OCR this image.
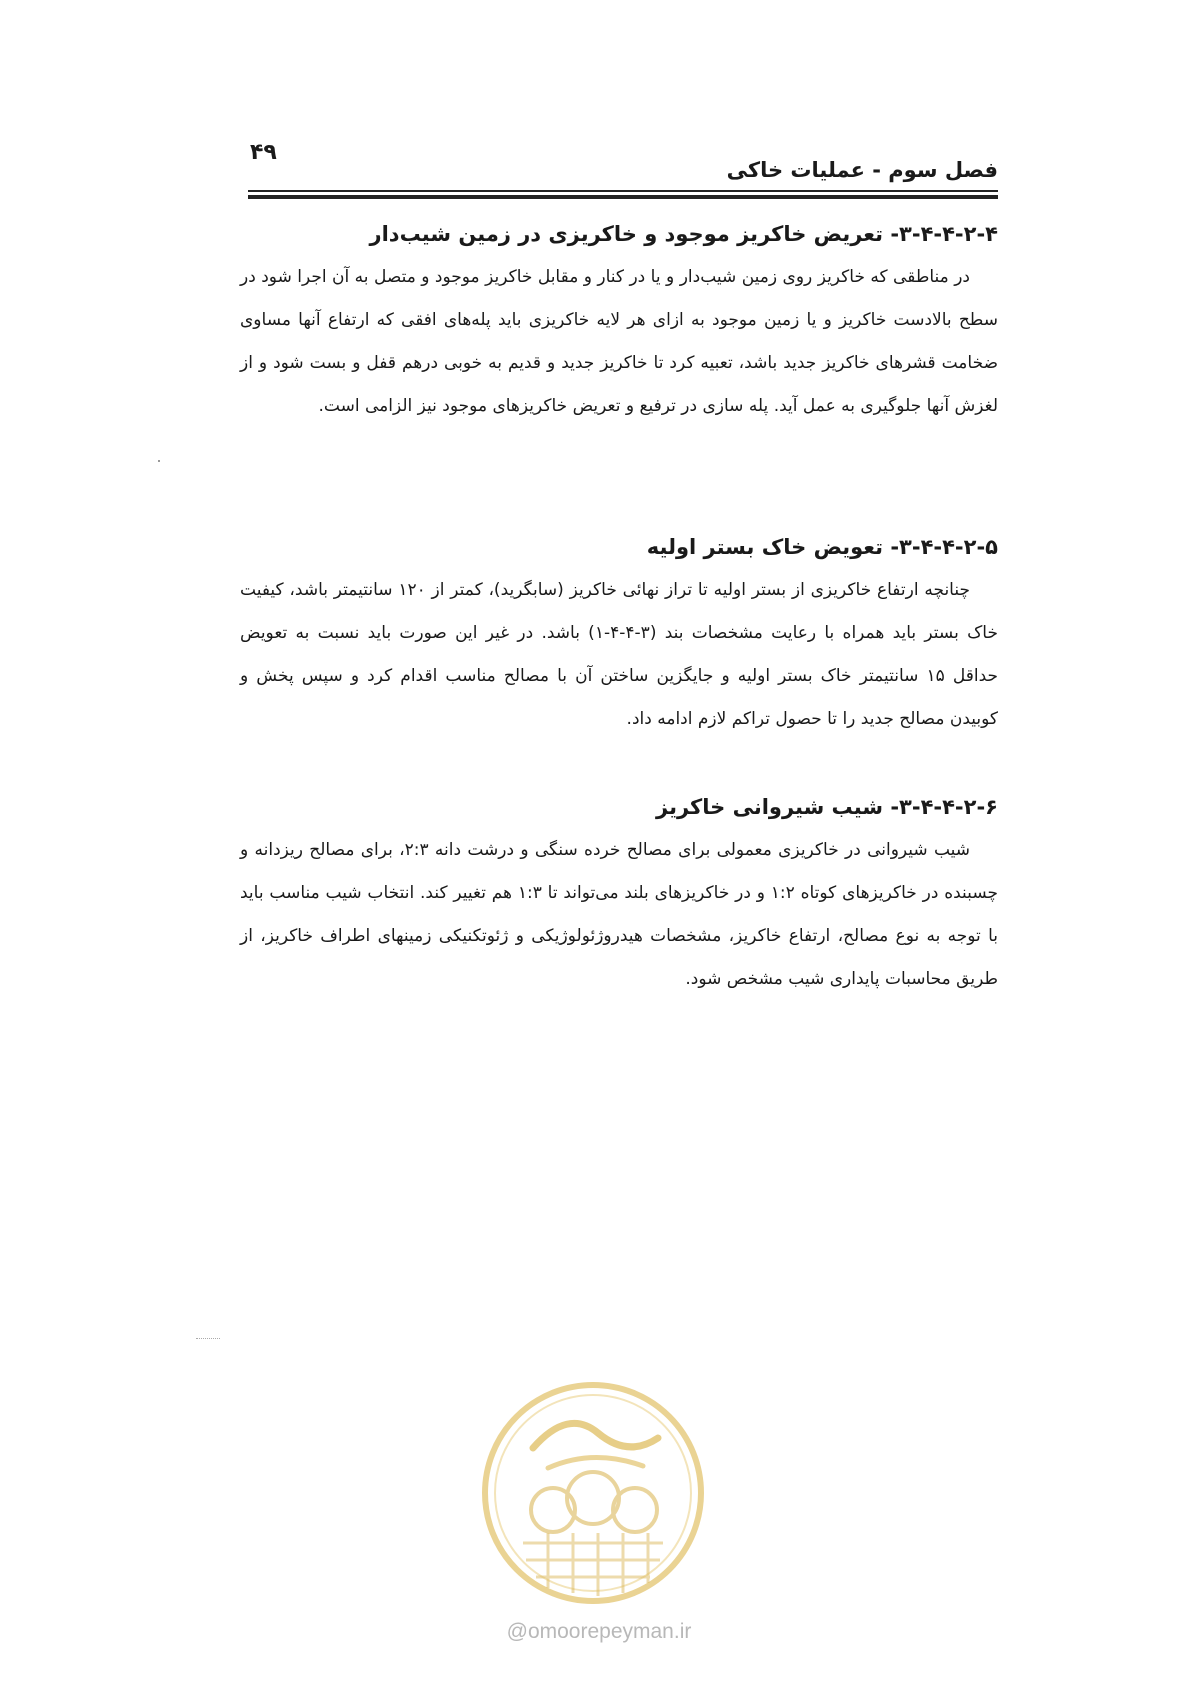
۴۹
فصل سوم - عملیات خاکی
۳-۴-۴-۲-۴- تعریض خاکریز موجود و خاکریزی در زمین شیب‌دار

در مناطقی که خاکریز روی زمین شیب‌دار و یا در کنار و مقابل خاکریز موجود و متصل به آن اجرا شود در سطح بالادست خاکریز و یا زمین موجود به ازای هر لایه خاکریزی باید پله‌های افقی که ارتفاع آنها مساوی ضخامت قشرهای خاکریز جدید باشد، تعبیه کرد تا خاکریز جدید و قدیم به خوبی درهم قفل و بست شود و از لغزش آنها جلوگیری به عمل آید. پله سازی در ترفیع و تعریض خاکریزهای موجود نیز الزامی است.

۳-۴-۴-۲-۵- تعویض خاک بستر اولیه

چنانچه ارتفاع خاکریزی از بستر اولیه تا تراز نهائی خاکریز (سابگرید)، کمتر از ۱۲۰ سانتیمتر باشد، کیفیت خاک بستر باید همراه با رعایت مشخصات بند (۳-۴-۴-۱) باشد. در غیر این صورت باید نسبت به تعویض حداقل ۱۵ سانتیمتر خاک بستر اولیه و جایگزین ساختن آن با مصالح مناسب اقدام کرد و سپس پخش و کوبیدن مصالح جدید را تا حصول تراکم لازم ادامه داد.

۳-۴-۴-۲-۶- شیب شیروانی خاکریز

شیب شیروانی در خاکریزی معمولی برای مصالح خرده سنگی و درشت دانه ۲:۳، برای مصالح ریزدانه و چسبنده در خاکریزهای کوتاه ۱:۲ و در خاکریزهای بلند می‌تواند تا ۱:۳ هم تغییر کند. انتخاب شیب مناسب باید با توجه به نوع مصالح، ارتفاع خاکریز، مشخصات هیدروژئولوژیکی و ژئوتکنیکی زمینهای اطراف خاکریز، از طریق محاسبات پایداری شیب مشخص شود.

@omoorepeyman.ir
